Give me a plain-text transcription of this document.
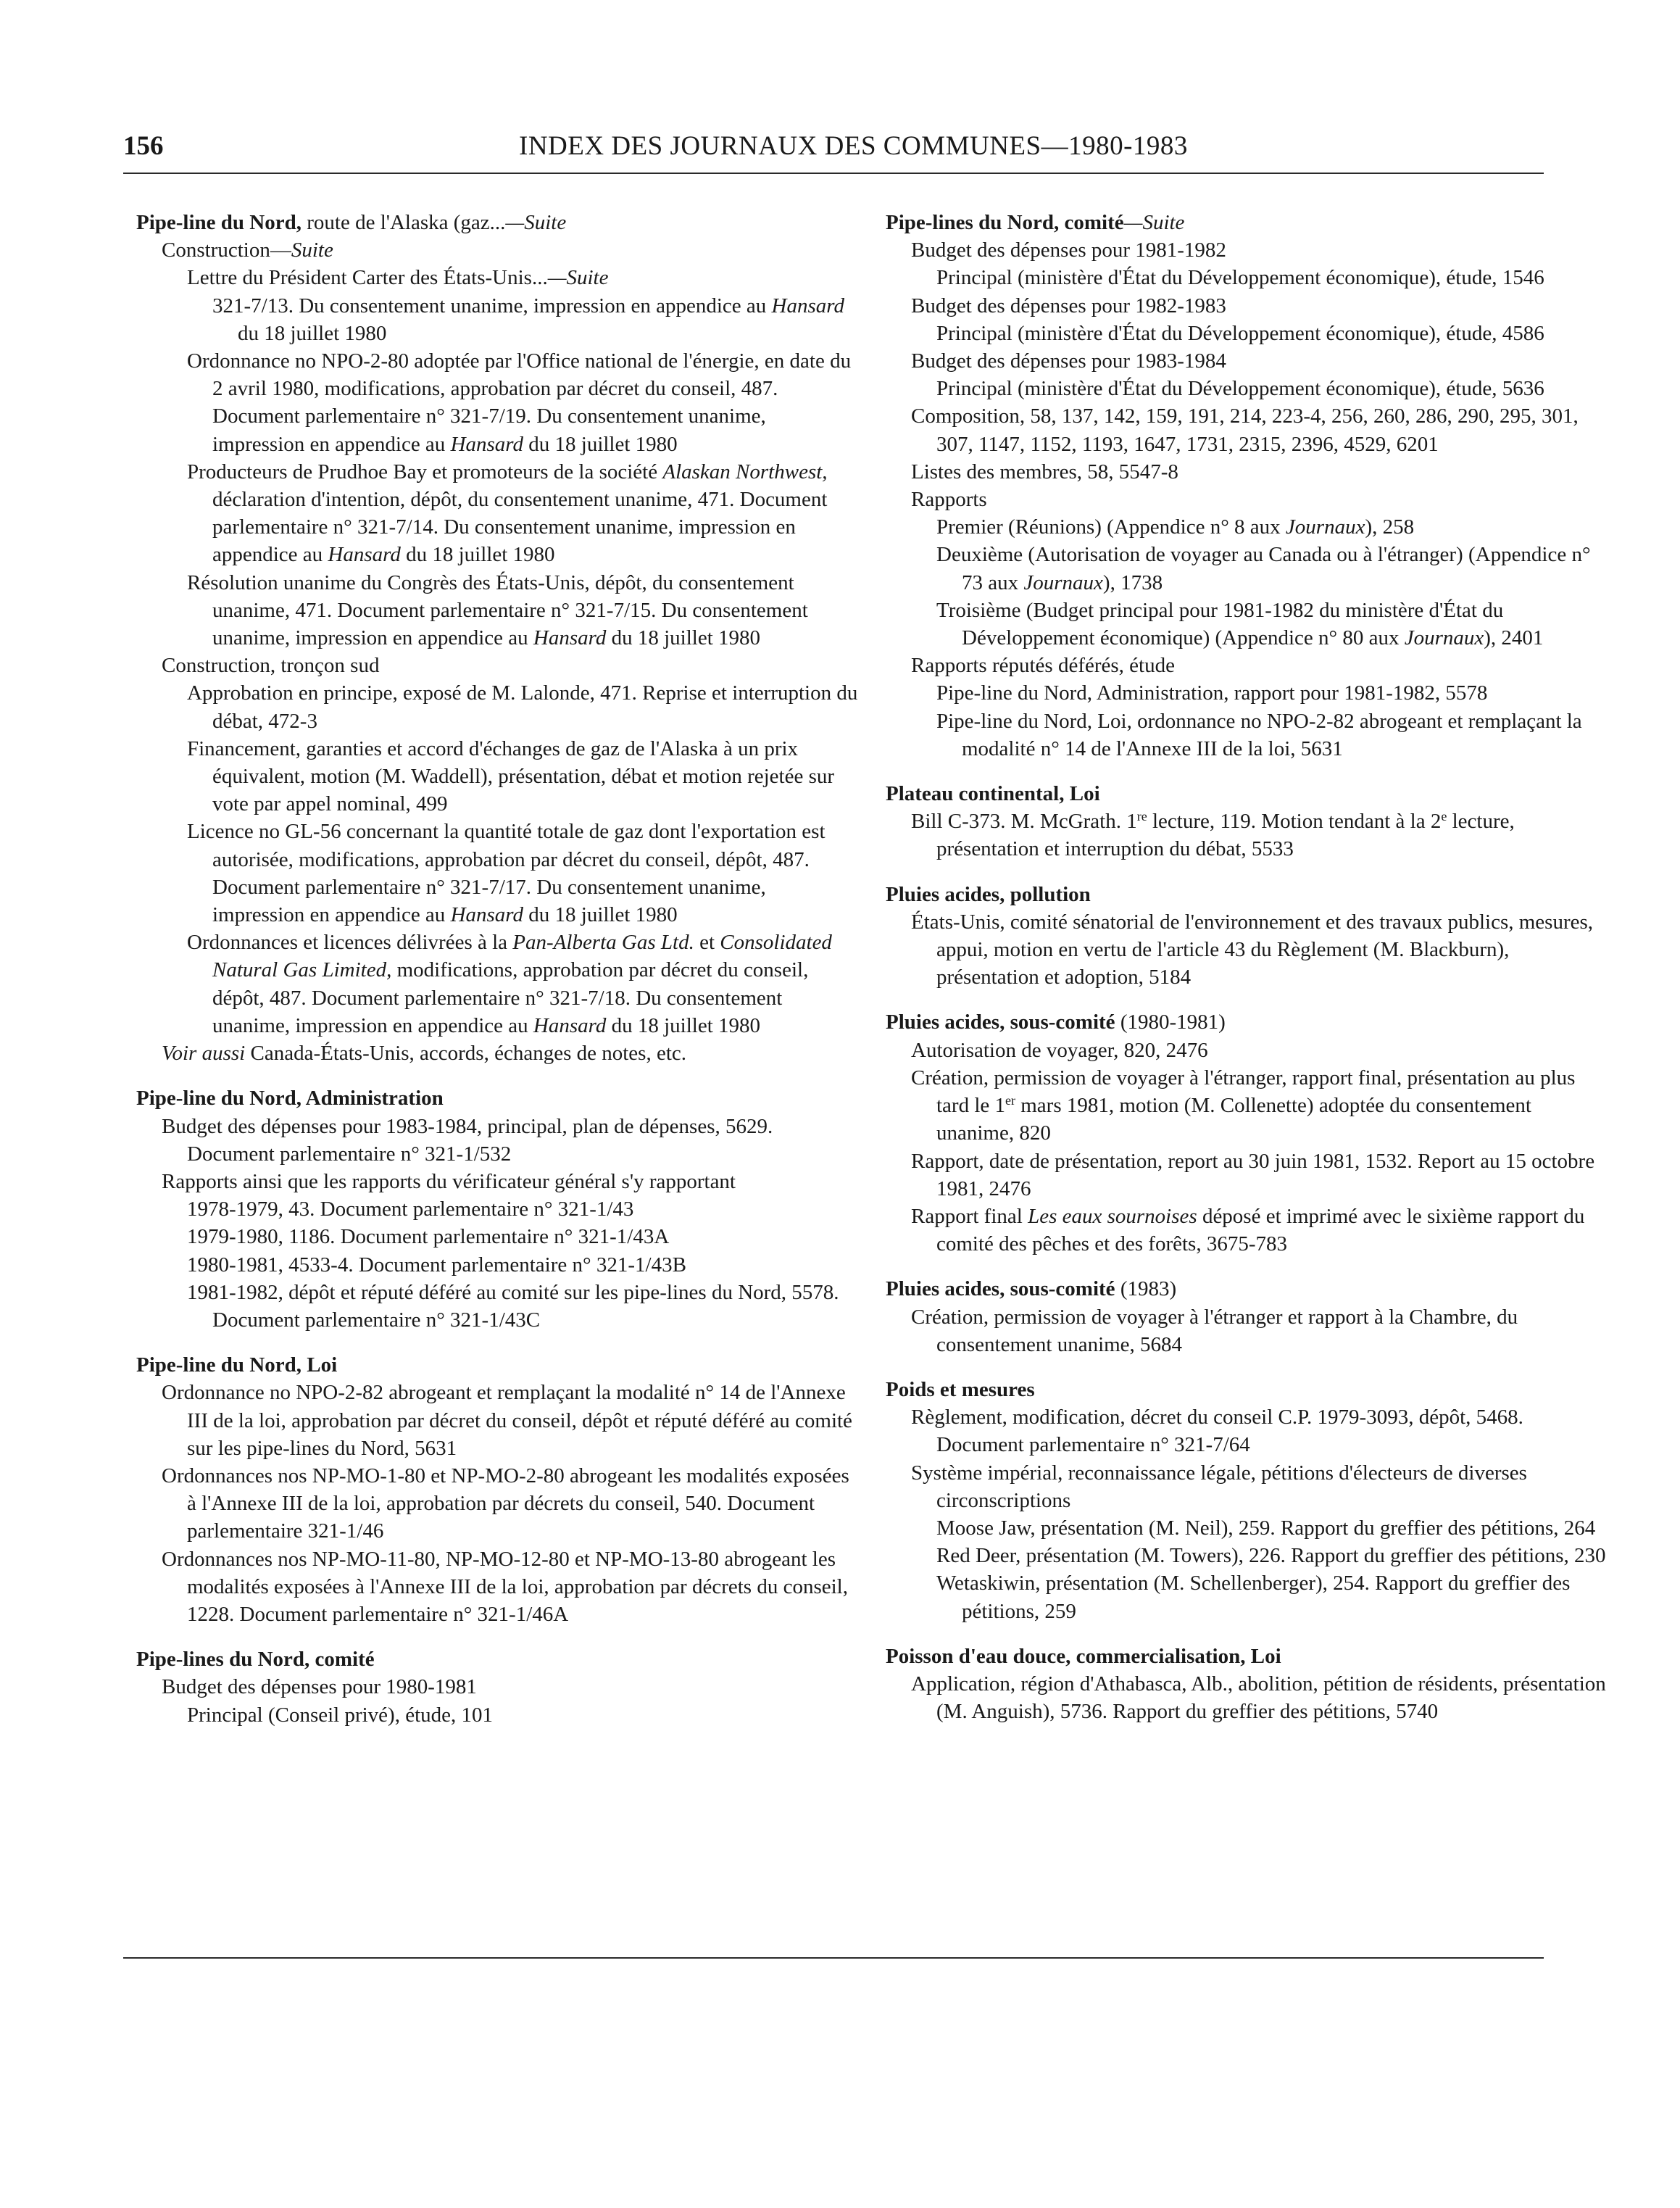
156	INDEX DES JOURNAUX DES COMMUNES—1980-1983
Pipe-line du Nord, route de l'Alaska (gaz...—Suite
Construction—Suite
Lettre du Président Carter des États-Unis...—Suite
321-7/13. Du consentement unanime, impression en appendice au Hansard du 18 juillet 1980
Ordonnance no NPO-2-80 adoptée par l'Office national de l'énergie, en date du 2 avril 1980, modifications, approbation par décret du conseil, 487. Document parlementaire n° 321-7/19. Du consentement unanime, impression en appendice au Hansard du 18 juillet 1980
Producteurs de Prudhoe Bay et promoteurs de la société Alaskan Northwest, déclaration d'intention, dépôt, du consentement unanime, 471. Document parlementaire n° 321-7/14. Du consentement unanime, impression en appendice au Hansard du 18 juillet 1980
Résolution unanime du Congrès des États-Unis, dépôt, du consentement unanime, 471. Document parlementaire n° 321-7/15. Du consentement unanime, impression en appendice au Hansard du 18 juillet 1980
Construction, tronçon sud
Approbation en principe, exposé de M. Lalonde, 471. Reprise et interruption du débat, 472-3
Financement, garanties et accord d'échanges de gaz de l'Alaska à un prix équivalent, motion (M. Waddell), présentation, débat et motion rejetée sur vote par appel nominal, 499
Licence no GL-56 concernant la quantité totale de gaz dont l'exportation est autorisée, modifications, approbation par décret du conseil, dépôt, 487. Document parlementaire n° 321-7/17. Du consentement unanime, impression en appendice au Hansard du 18 juillet 1980
Ordonnances et licences délivrées à la Pan-Alberta Gas Ltd. et Consolidated Natural Gas Limited, modifications, approbation par décret du conseil, dépôt, 487. Document parlementaire n° 321-7/18. Du consentement unanime, impression en appendice au Hansard du 18 juillet 1980
Voir aussi Canada-États-Unis, accords, échanges de notes, etc.
Pipe-line du Nord, Administration
Budget des dépenses pour 1983-1984, principal, plan de dépenses, 5629. Document parlementaire n° 321-1/532
Rapports ainsi que les rapports du vérificateur général s'y rapportant
1978-1979, 43. Document parlementaire n° 321-1/43
1979-1980, 1186. Document parlementaire n° 321-1/43A
1980-1981, 4533-4. Document parlementaire n° 321-1/43B
1981-1982, dépôt et réputé déféré au comité sur les pipe-lines du Nord, 5578. Document parlementaire n° 321-1/43C
Pipe-line du Nord, Loi
Ordonnance no NPO-2-82 abrogeant et remplaçant la modalité n° 14 de l'Annexe III de la loi, approbation par décret du conseil, dépôt et réputé déféré au comité sur les pipe-lines du Nord, 5631
Ordonnances nos NP-MO-1-80 et NP-MO-2-80 abrogeant les modalités exposées à l'Annexe III de la loi, approbation par décrets du conseil, 540. Document parlementaire 321-1/46
Ordonnances nos NP-MO-11-80, NP-MO-12-80 et NP-MO-13-80 abrogeant les modalités exposées à l'Annexe III de la loi, approbation par décrets du conseil, 1228. Document parlementaire n° 321-1/46A
Pipe-lines du Nord, comité
Budget des dépenses pour 1980-1981
Principal (Conseil privé), étude, 101
Pipe-lines du Nord, comité—Suite
Budget des dépenses pour 1981-1982
Principal (ministère d'État du Développement économique), étude, 1546
Budget des dépenses pour 1982-1983
Principal (ministère d'État du Développement économique), étude, 4586
Budget des dépenses pour 1983-1984
Principal (ministère d'État du Développement économique), étude, 5636
Composition, 58, 137, 142, 159, 191, 214, 223-4, 256, 260, 286, 290, 295, 301, 307, 1147, 1152, 1193, 1647, 1731, 2315, 2396, 4529, 6201
Listes des membres, 58, 5547-8
Rapports
Premier (Réunions) (Appendice n° 8 aux Journaux), 258
Deuxième (Autorisation de voyager au Canada ou à l'étranger) (Appendice n° 73 aux Journaux), 1738
Troisième (Budget principal pour 1981-1982 du ministère d'État du Développement économique) (Appendice n° 80 aux Journaux), 2401
Rapports réputés déférés, étude
Pipe-line du Nord, Administration, rapport pour 1981-1982, 5578
Pipe-line du Nord, Loi, ordonnance no NPO-2-82 abrogeant et remplaçant la modalité n° 14 de l'Annexe III de la loi, 5631
Plateau continental, Loi
Bill C-373. M. McGrath. 1re lecture, 119. Motion tendant à la 2e lecture, présentation et interruption du débat, 5533
Pluies acides, pollution
États-Unis, comité sénatorial de l'environnement et des travaux publics, mesures, appui, motion en vertu de l'article 43 du Règlement (M. Blackburn), présentation et adoption, 5184
Pluies acides, sous-comité (1980-1981)
Autorisation de voyager, 820, 2476
Création, permission de voyager à l'étranger, rapport final, présentation au plus tard le 1er mars 1981, motion (M. Collenette) adoptée du consentement unanime, 820
Rapport, date de présentation, report au 30 juin 1981, 1532. Report au 15 octobre 1981, 2476
Rapport final Les eaux sournoises déposé et imprimé avec le sixième rapport du comité des pêches et des forêts, 3675-783
Pluies acides, sous-comité (1983)
Création, permission de voyager à l'étranger et rapport à la Chambre, du consentement unanime, 5684
Poids et mesures
Règlement, modification, décret du conseil C.P. 1979-3093, dépôt, 5468. Document parlementaire n° 321-7/64
Système impérial, reconnaissance légale, pétitions d'électeurs de diverses circonscriptions
Moose Jaw, présentation (M. Neil), 259. Rapport du greffier des pétitions, 264
Red Deer, présentation (M. Towers), 226. Rapport du greffier des pétitions, 230
Wetaskiwin, présentation (M. Schellenberger), 254. Rapport du greffier des pétitions, 259
Poisson d'eau douce, commercialisation, Loi
Application, région d'Athabasca, Alb., abolition, pétition de résidents, présentation (M. Anguish), 5736. Rapport du greffier des pétitions, 5740
